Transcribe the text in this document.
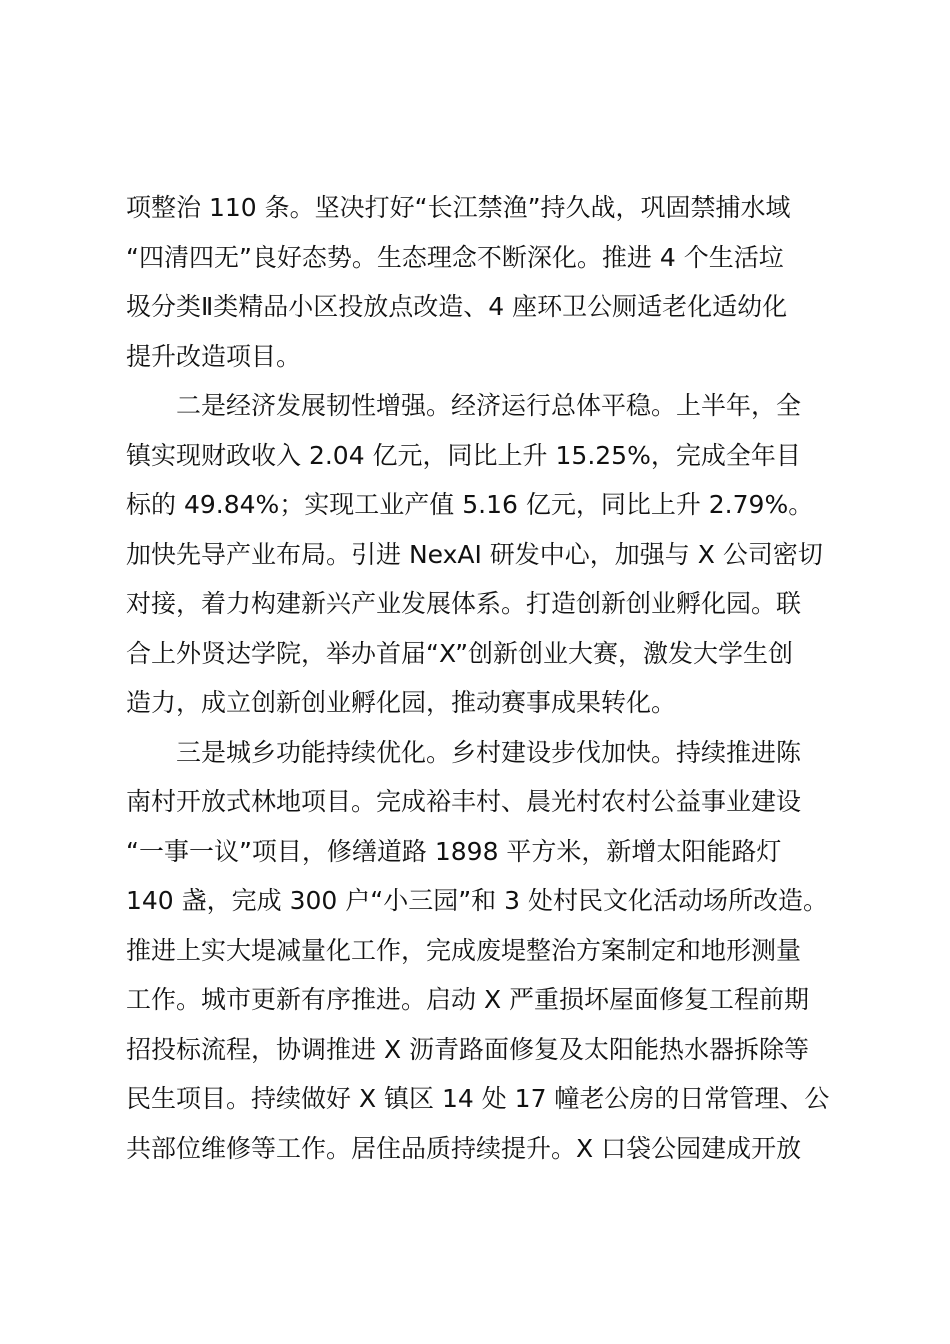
项整治 110 条。坚决打好“长江禁渔”持久战，巩固禁捕水域
“四清四无”良好态势。生态理念不断深化。推进 4 个生活垃
圾分类Ⅱ类精品小区投放点改造、4 座环卫公厕适老化适幼化
提升改造项目。
二是经济发展韧性增强。经济运行总体平稳。上半年，全
镇实现财政收入 2.04 亿元，同比上升 15.25%，完成全年目
标的 49.84%；实现工业产值 5.16 亿元，同比上升 2.79%。
加快先导产业布局。引进 NexAI 研发中心，加强与 X 公司密切
对接，着力构建新兴产业发展体系。打造创新创业孵化园。联
合上外贤达学院，举办首届“X”创新创业大赛，激发大学生创
造力，成立创新创业孵化园，推动赛事成果转化。
三是城乡功能持续优化。乡村建设步伐加快。持续推进陈
南村开放式林地项目。完成裕丰村、晨光村农村公益事业建设
“一事一议”项目，修缮道路 1898 平方米，新增太阳能路灯
140 盏，完成 300 户“小三园”和 3 处村民文化活动场所改造。
推进上实大堤减量化工作，完成废堤整治方案制定和地形测量
工作。城市更新有序推进。启动 X 严重损坏屋面修复工程前期
招投标流程，协调推进 X 沥青路面修复及太阳能热水器拆除等
民生项目。持续做好 X 镇区 14 处 17 幢老公房的日常管理、公
共部位维修等工作。居住品质持续提升。X 口袋公园建成开放
